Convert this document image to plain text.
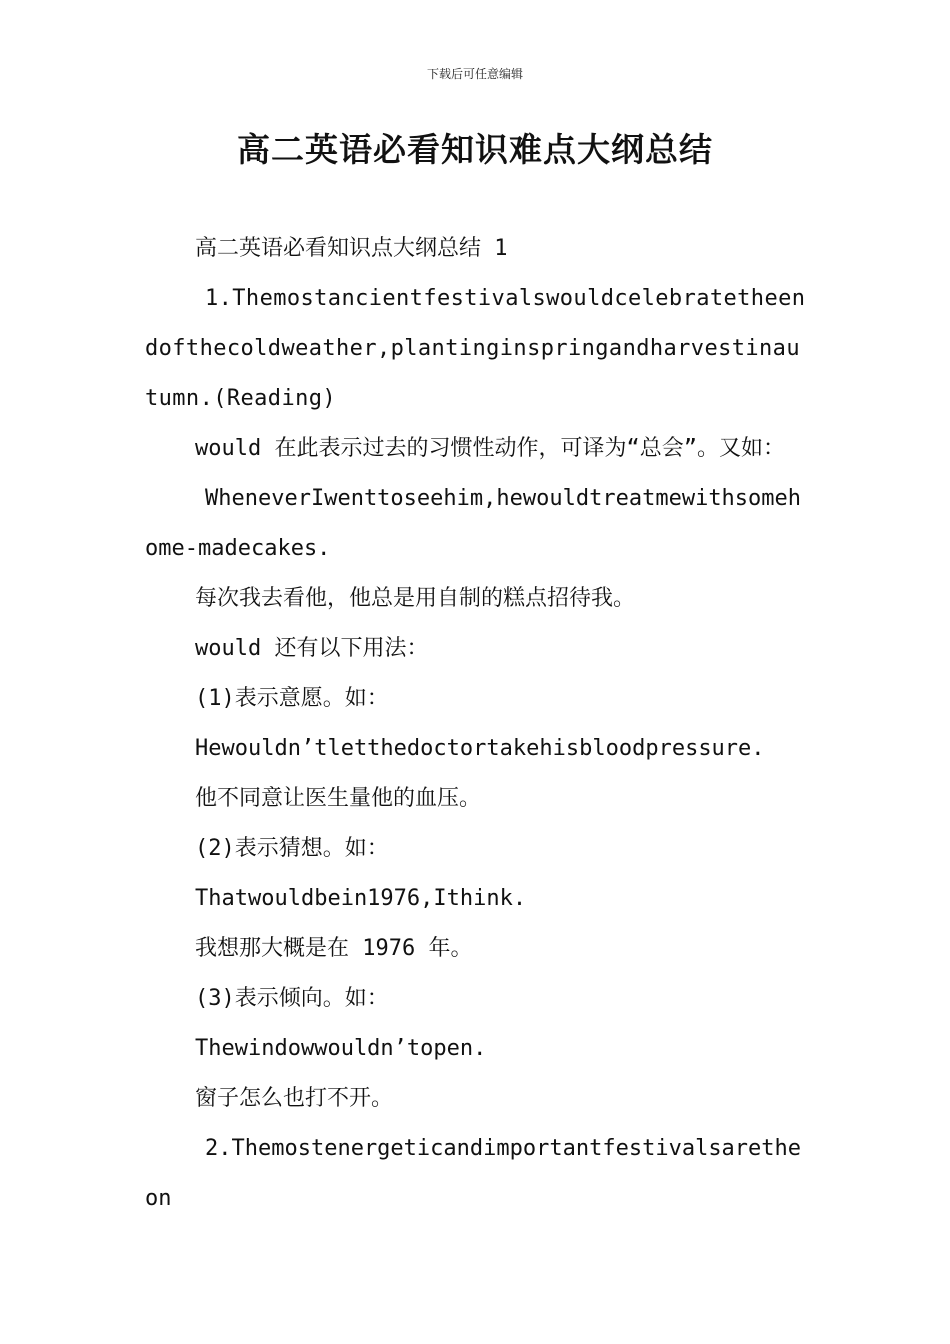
下载后可任意编辑
高二英语必看知识难点大纲总结

高二英语必看知识点大纲总结 1

1.Themostancientfestivalswouldcelebratetheendofthecoldweather,plantinginspringandharvestinautumn.(Reading)

would 在此表示过去的习惯性动作，可译为“总会”。又如：

WheneverIwenttoseehim,hewouldtreatmewithsomehome-madecakes.

每次我去看他，他总是用自制的糕点招待我。

would 还有以下用法：

(1)表示意愿。如：

Hewouldn’tletthedoctortakehisbloodpressure.

他不同意让医生量他的血压。

(2)表示猜想。如：

Thatwouldbein1976,Ithink.

我想那大概是在 1976 年。

(3)表示倾向。如：

Thewindowwouldn’topen.

窗子怎么也打不开。

2.Themostenergeticandimportantfestivalsaretheon
